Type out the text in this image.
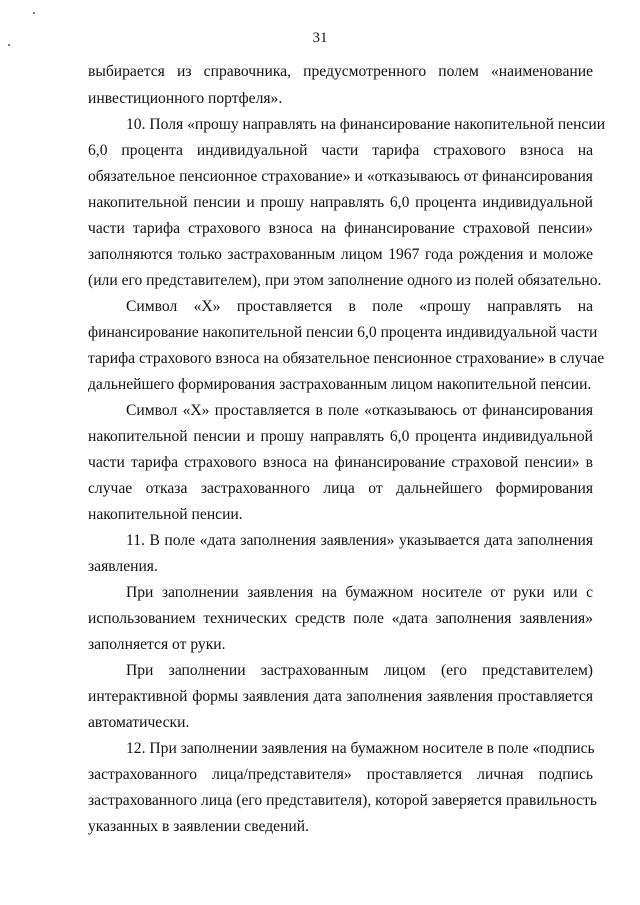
31
выбирается из справочника, предусмотренного полем «наименование
инвестиционного портфеля».
10. Поля «прошу направлять на финансирование накопительной пенсии
6,0 процента индивидуальной части тарифа страхового взноса на
обязательное пенсионное страхование» и «отказываюсь от финансирования
накопительной пенсии и прошу направлять 6,0 процента индивидуальной
части тарифа страхового взноса на финансирование страховой пенсии»
заполняются только застрахованным лицом 1967 года рождения и моложе
(или его представителем), при этом заполнение одного из полей обязательно.
Символ «Х» проставляется в поле «прошу направлять на
финансирование накопительной пенсии 6,0 процента индивидуальной части
тарифа страхового взноса на обязательное пенсионное страхование» в случае
дальнейшего формирования застрахованным лицом накопительной пенсии.
Символ «Х» проставляется в поле «отказываюсь от финансирования
накопительной пенсии и прошу направлять 6,0 процента индивидуальной
части тарифа страхового взноса на финансирование страховой пенсии» в
случае отказа застрахованного лица от дальнейшего формирования
накопительной пенсии.
11. В поле «дата заполнения заявления» указывается дата заполнения
заявления.
При заполнении заявления на бумажном носителе от руки или с
использованием технических средств поле «дата заполнения заявления»
заполняется от руки.
При заполнении застрахованным лицом (его представителем)
интерактивной формы заявления дата заполнения заявления проставляется
автоматически.
12. При заполнении заявления на бумажном носителе в поле «подпись
застрахованного лица/представителя» проставляется личная подпись
застрахованного лица (его представителя), которой заверяется правильность
указанных в заявлении сведений.
